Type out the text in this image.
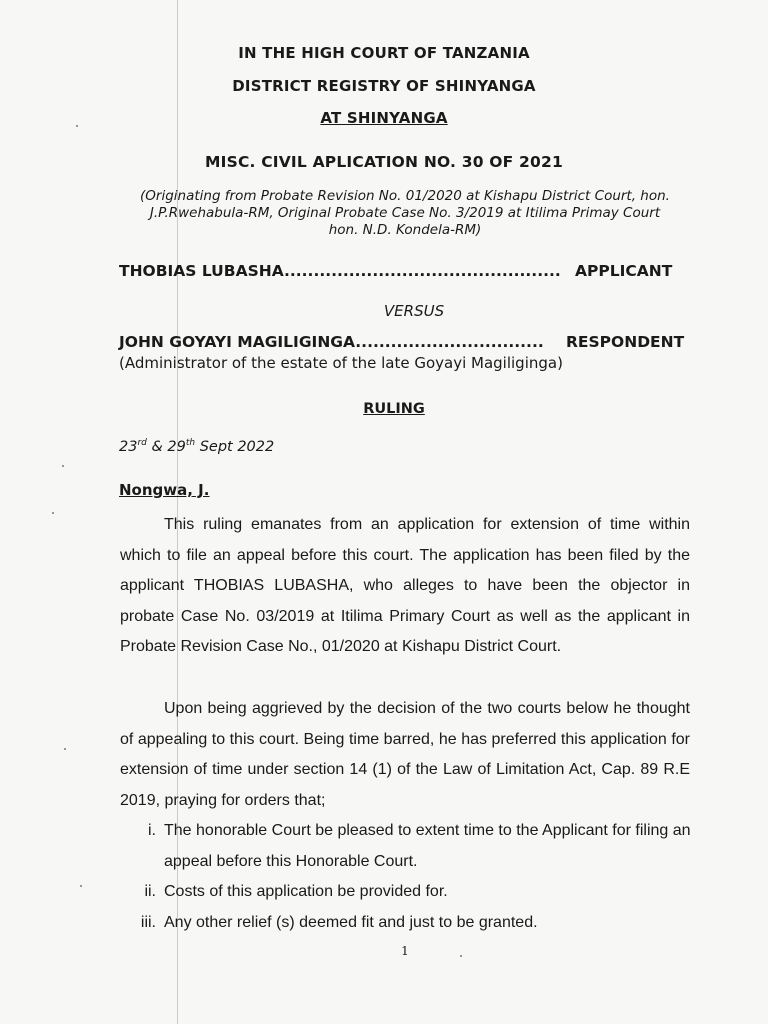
IN THE HIGH COURT OF TANZANIA
DISTRICT REGISTRY OF SHINYANGA
AT SHINYANGA
MISC. CIVIL APLICATION NO. 30 OF 2021
(Originating from Probate Revision No. 01/2020 at Kishapu District Court, hon.
J.P.Rwehabula-RM, Original Probate Case No. 3/2019 at Itilima Primay Court
hon. N.D. Kondela-RM)
THOBIAS LUBASHA............................................... APPLICANT
VERSUS
JOHN GOYAYI MAGILIGINGA................................ RESPONDENT
(Administrator of the estate of the late Goyayi Magiliginga)
RULING
23rd & 29th Sept 2022
Nongwa, J.
This ruling emanates from an application for extension of time within which to file an appeal before this court. The application has been filed by the applicant THOBIAS LUBASHA, who alleges to have been the objector in probate Case No. 03/2019 at Itilima Primary Court as well as the applicant in Probate Revision Case No., 01/2020 at Kishapu District Court.
Upon being aggrieved by the decision of the two courts below he thought of appealing to this court. Being time barred, he has preferred this application for extension of time under section 14 (1) of the Law of Limitation Act, Cap. 89 R.E 2019, praying for orders that;
i. The honorable Court be pleased to extent time to the Applicant for filing an appeal before this Honorable Court.
ii. Costs of this application be provided for.
iii. Any other relief (s) deemed fit and just to be granted.
1
